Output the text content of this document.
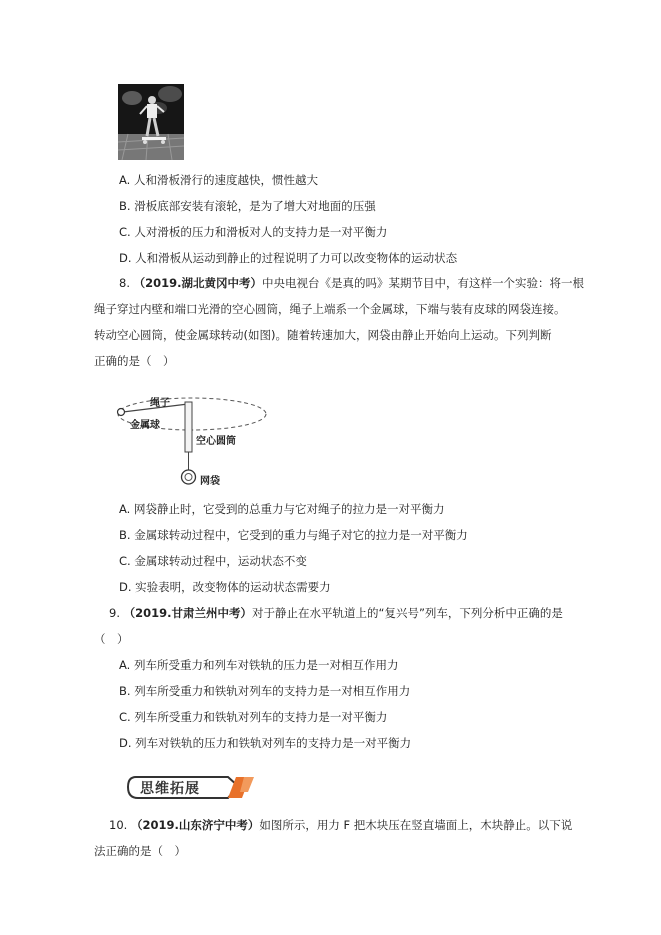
A. 人和滑板滑行的速度越快，惯性越大
B. 滑板底部安装有滚轮，是为了增大对地面的压强
C. 人对滑板的压力和滑板对人的支持力是一对平衡力
D. 人和滑板从运动到静止的过程说明了力可以改变物体的运动状态
8. （2019.湖北黄冈中考）中央电视台《是真的吗》某期节目中，有这样一个实验：将一根
绳子穿过内壁和端口光滑的空心圆筒，绳子上端系一个金属球，下端与装有皮球的网袋连接。
转动空心圆筒，使金属球转动(如图)。随着转速加大，网袋由静止开始向上运动。下列判断
正确的是（　）
绳子
金属球
空心圆筒
网袋
A. 网袋静止时，它受到的总重力与它对绳子的拉力是一对平衡力
B. 金属球转动过程中，它受到的重力与绳子对它的拉力是一对平衡力
C. 金属球转动过程中，运动状态不变
D. 实验表明，改变物体的运动状态需要力
9. （2019.甘肃兰州中考）对于静止在水平轨道上的“复兴号”列车，下列分析中正确的是
（　）
A. 列车所受重力和列车对铁轨的压力是一对相互作用力
B. 列车所受重力和铁轨对列车的支持力是一对相互作用力
C. 列车所受重力和铁轨对列车的支持力是一对平衡力
D. 列车对铁轨的压力和铁轨对列车的支持力是一对平衡力
思维拓展
10. （2019.山东济宁中考）如图所示，用力 F 把木块压在竖直墙面上，木块静止。以下说
法正确的是（　）
